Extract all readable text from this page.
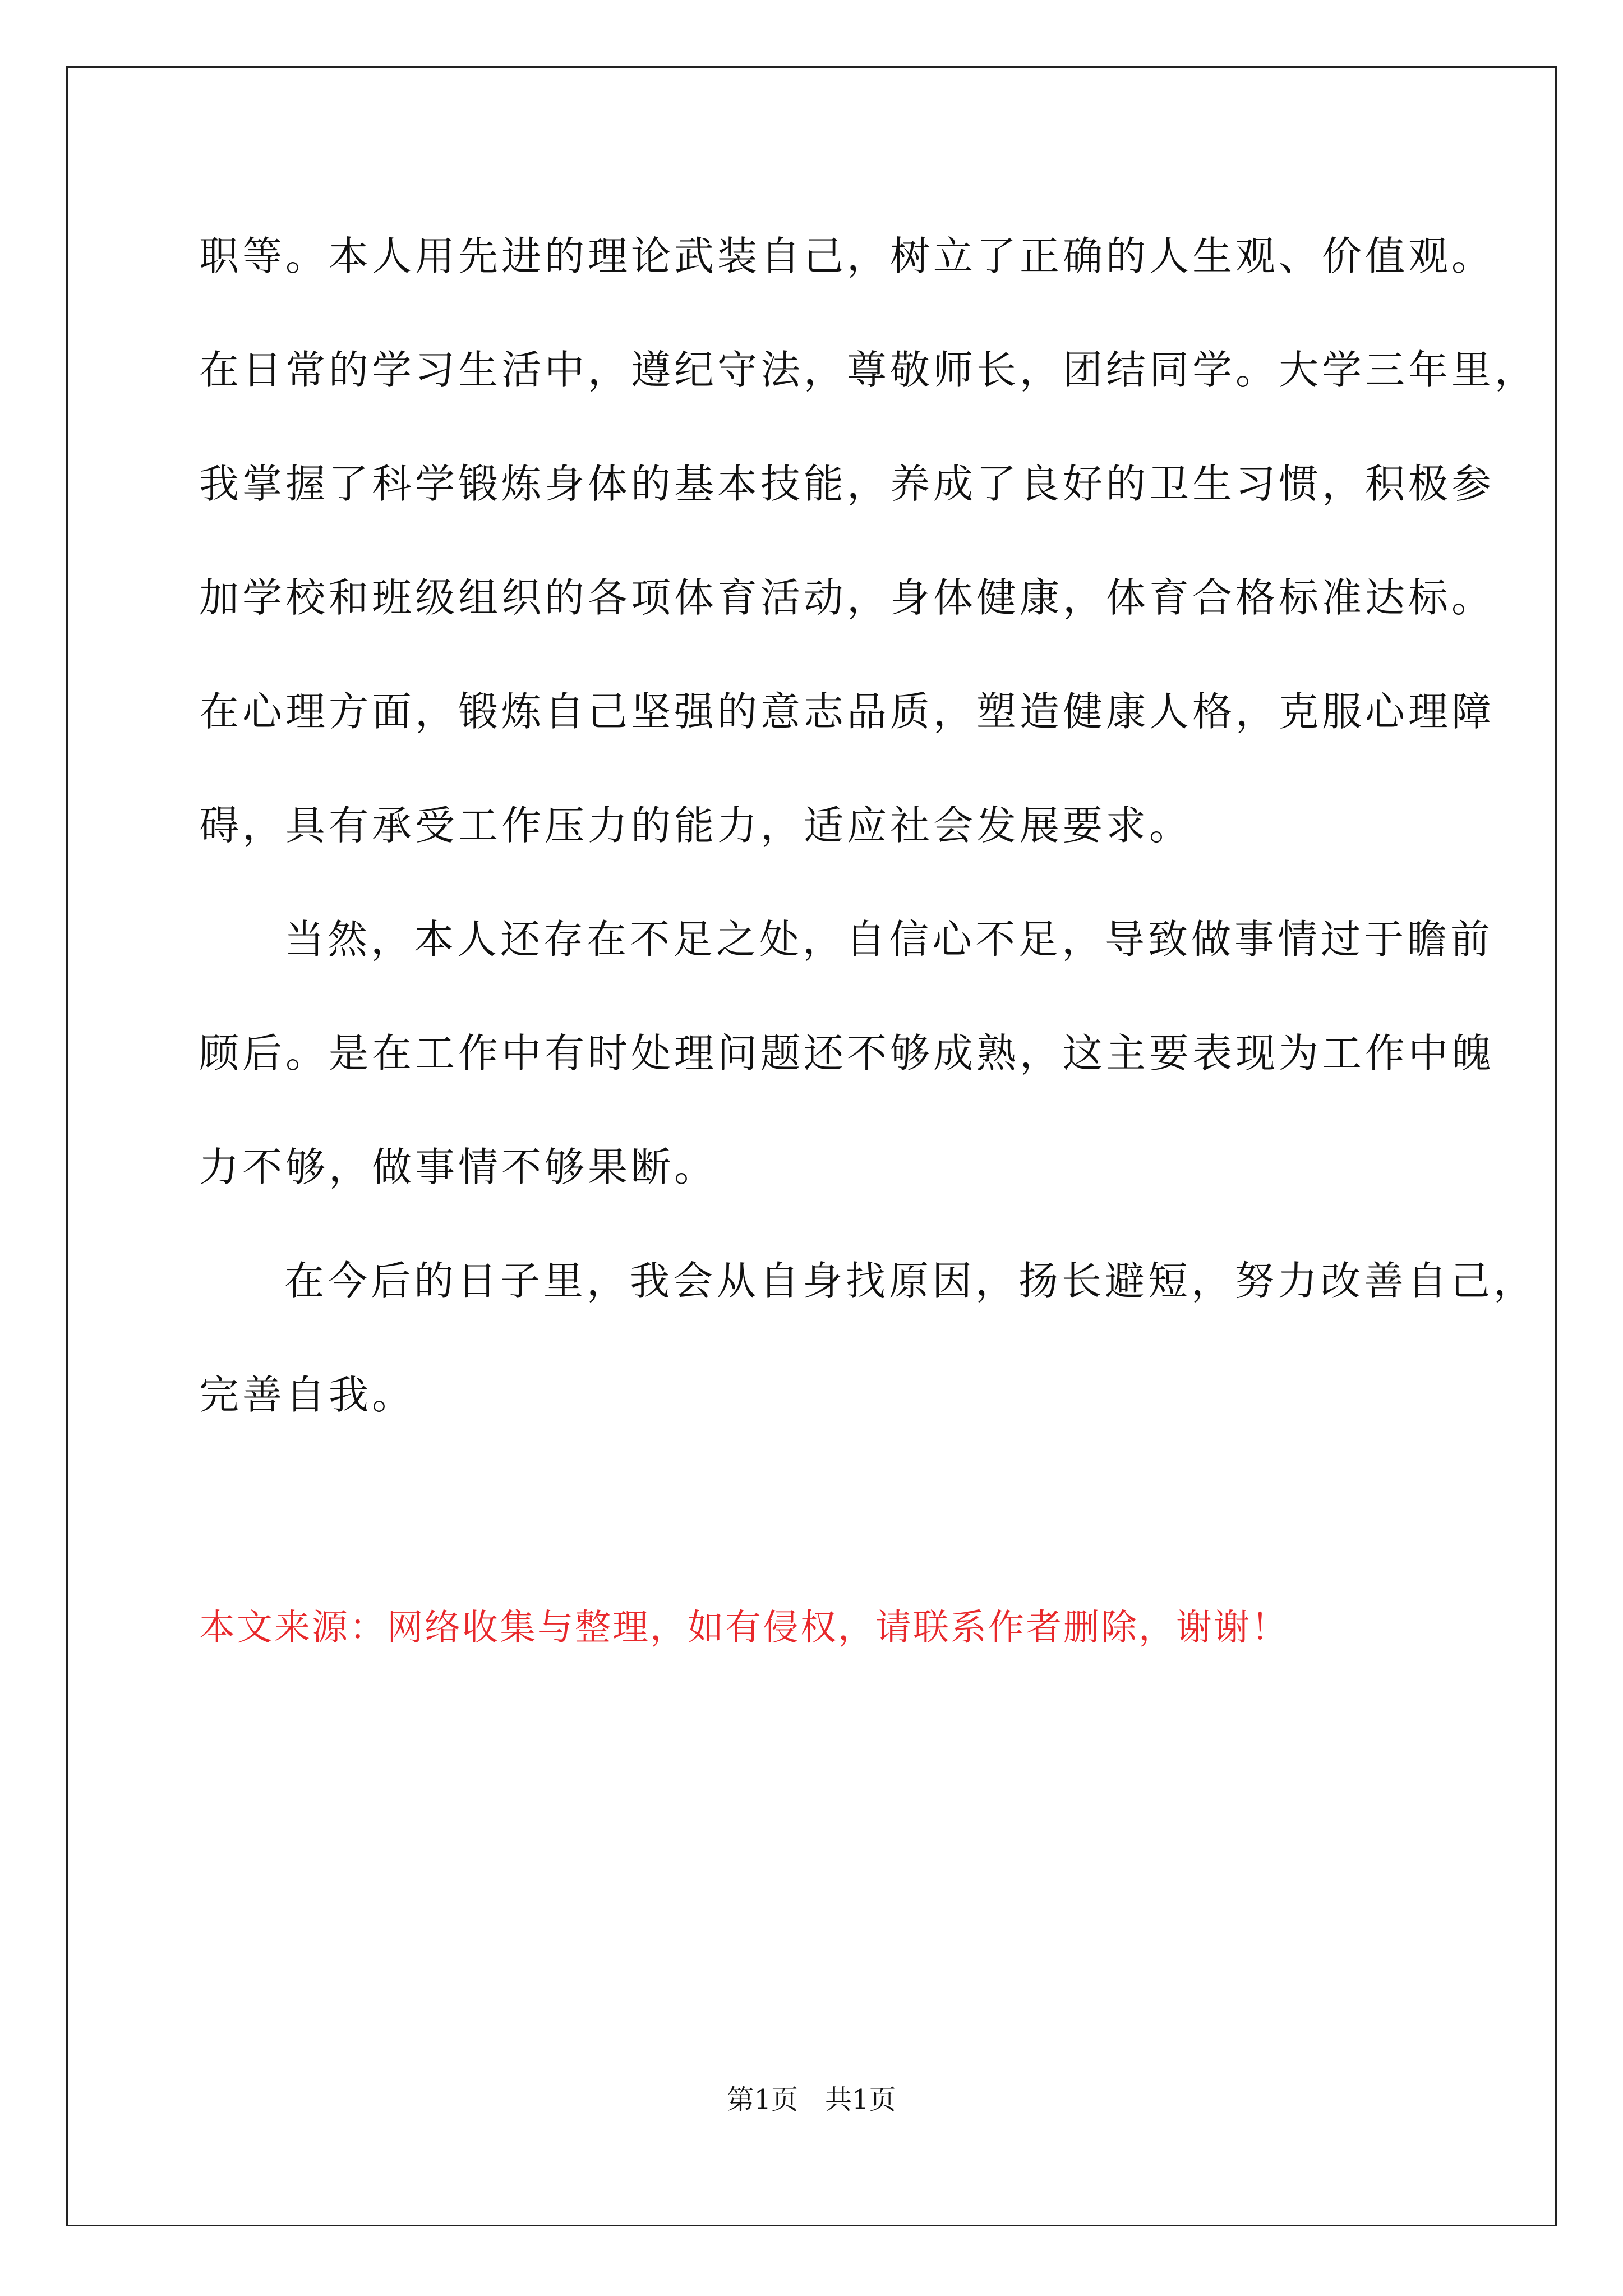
职等。本人用先进的理论武装自己，树立了正确的人生观、价值观。
在日常的学习生活中，遵纪守法，尊敬师长，团结同学。大学三年里，
我掌握了科学锻炼身体的基本技能，养成了良好的卫生习惯，积极参
加学校和班级组织的各项体育活动，身体健康，体育合格标准达标。
在心理方面，锻炼自己坚强的意志品质，塑造健康人格，克服心理障
碍，具有承受工作压力的能力，适应社会发展要求。
当然，本人还存在不足之处，自信心不足，导致做事情过于瞻前
顾后。是在工作中有时处理问题还不够成熟，这主要表现为工作中魄
力不够，做事情不够果断。
在今后的日子里，我会从自身找原因，扬长避短，努力改善自己，
完善自我。
本文来源：网络收集与整理，如有侵权，请联系作者删除，谢谢！
第1页　共1页
